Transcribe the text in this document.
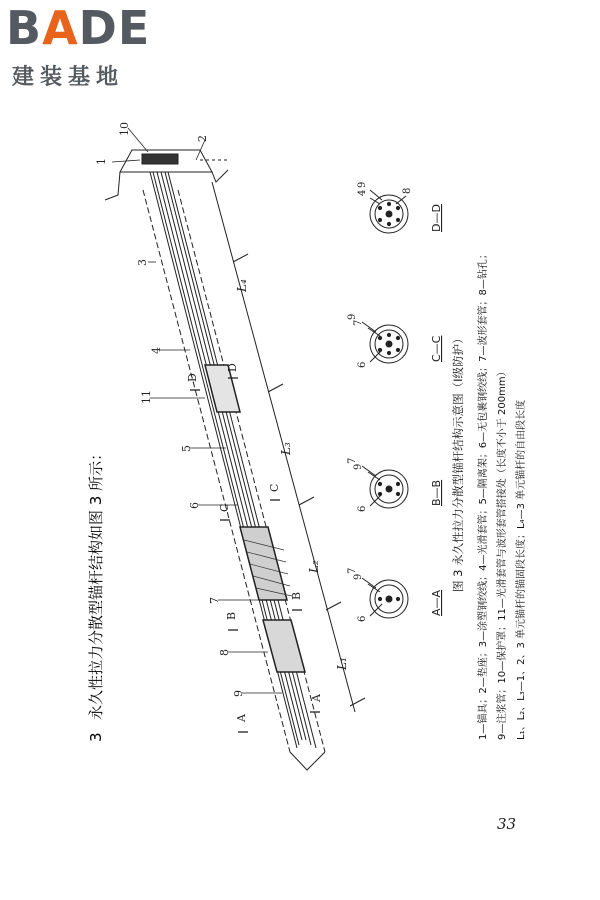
BADE
建装基地
3
永久性拉力分散型锚杆结构如图 3 所示：
1
10
2
3
4
11
5
6
7
8
9
A
A
B
B
C
C
D
D
L₁
L₂
L₃
L₄
6
9
7
6
9
7
6
7
9
4
9
8
A—A
B—B
C—C
D—D
图 3 永久性拉力分散型锚杆结构示意图（Ⅰ级防护） 1—锚具；2—垫座；3—涂塑钢绞线；4—光滑套管；5—隔离架；6—无包裹钢绞线；7—波形套管；8—钻孔； 9—注浆管；10—保护罩；11—光滑套管与波形套管搭接处（长度不小于 200mm） L₁、L₂、L₃—1、2、3 单元锚杆的锚固段长度；L₄—3 单元锚杆的自由段长度
33
